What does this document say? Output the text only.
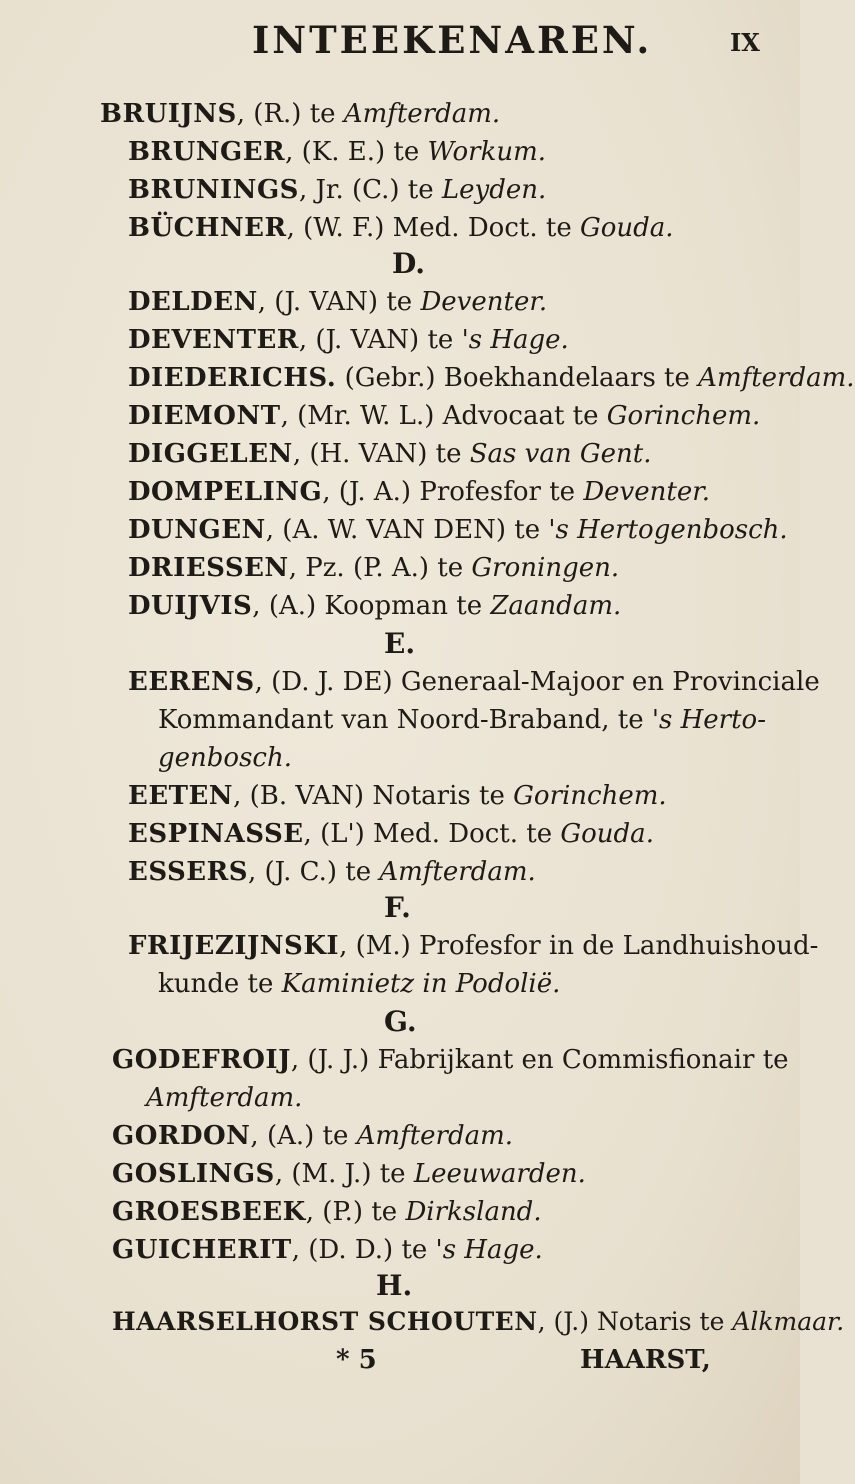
INTEEKENAREN.	IX
BRUIJNS, (R.) te Amfterdam.
BRUNGER, (K. E.) te Workum.
BRUNINGS, Jr. (C.) te Leyden.
BÜCHNER, (W. F.) Med. Doct. te Gouda.
D.
DELDEN, (J. VAN) te Deventer.
DEVENTER, (J. VAN) te 's Hage.
DIEDERICHS. (Gebr.) Boekhandelaars te Amfterdam.
DIEMONT, (Mr. W. L.) Advocaat te Gorinchem.
DIGGELEN, (H. VAN) te Sas van Gent.
DOMPELING, (J. A.) Profesfor te Deventer.
DUNGEN, (A. W. VAN DEN) te 's Hertogenbosch.
DRIESSEN, Pz. (P. A.) te Groningen.
DUIJVIS, (A.) Koopman te Zaandam.
E.
EERENS, (D. J. DE) Generaal-Majoor en Provinciale
Kommandant van Noord-Braband, te 's Herto-
genbosch.
EETEN, (B. VAN) Notaris te Gorinchem.
ESPINASSE, (L') Med. Doct. te Gouda.
ESSERS, (J. C.) te Amfterdam.
F.
FRIJEZIJNSKI, (M.) Profesfor in de Landhuishoud-
kunde te Kaminietz in Podolië.
G.
GODEFROIJ, (J. J.) Fabrijkant en Commisfionair te
Amfterdam.
GORDON, (A.) te Amfterdam.
GOSLINGS, (M. J.) te Leeuwarden.
GROESBEEK, (P.) te Dirksland.
GUICHERIT, (D. D.) te 's Hage.
H.
HAARSELHORST SCHOUTEN, (J.) Notaris te Alkmaar.
* 5	HAARST,
